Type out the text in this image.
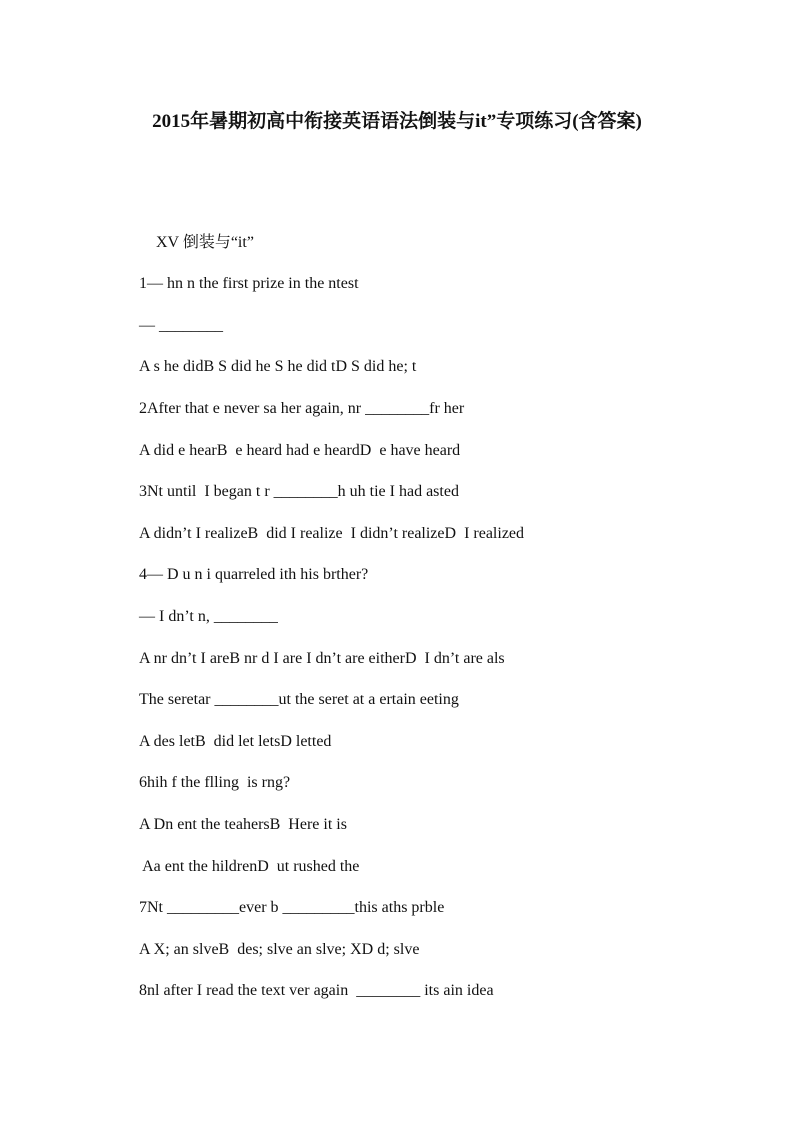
2015年暑期初高中衔接英语语法倒装与it”专项练习(含答案)
XV 倒装与“it”
1— hn n the first prize in the ntest
— ________
A s he didB S did he S he did tD S did he; t
2After that e never sa her again, nr ________fr her
A did e hearB  e heard had e heardD  e have heard
3Nt until  I began t r ________h uh tie I had asted
A didn’t I realizeB  did I realize  I didn’t realizeD  I realized
4— D u n i quarreled ith his brther?
— I dn’t n, ________
A nr dn’t I areB nr d I are I dn’t are eitherD  I dn’t are als
The seretar ________ut the seret at a ertain eeting
A des letB  did let letsD letted
6hih f the flling  is rng?
A Dn ent the teahersB  Here it is
Aa ent the hildrenD  ut rushed the
7Nt _________ever b _________this aths prble
A X; an slveB  des; slve an slve; XD d; slve
8nl after I read the text ver again  ________ its ain idea
